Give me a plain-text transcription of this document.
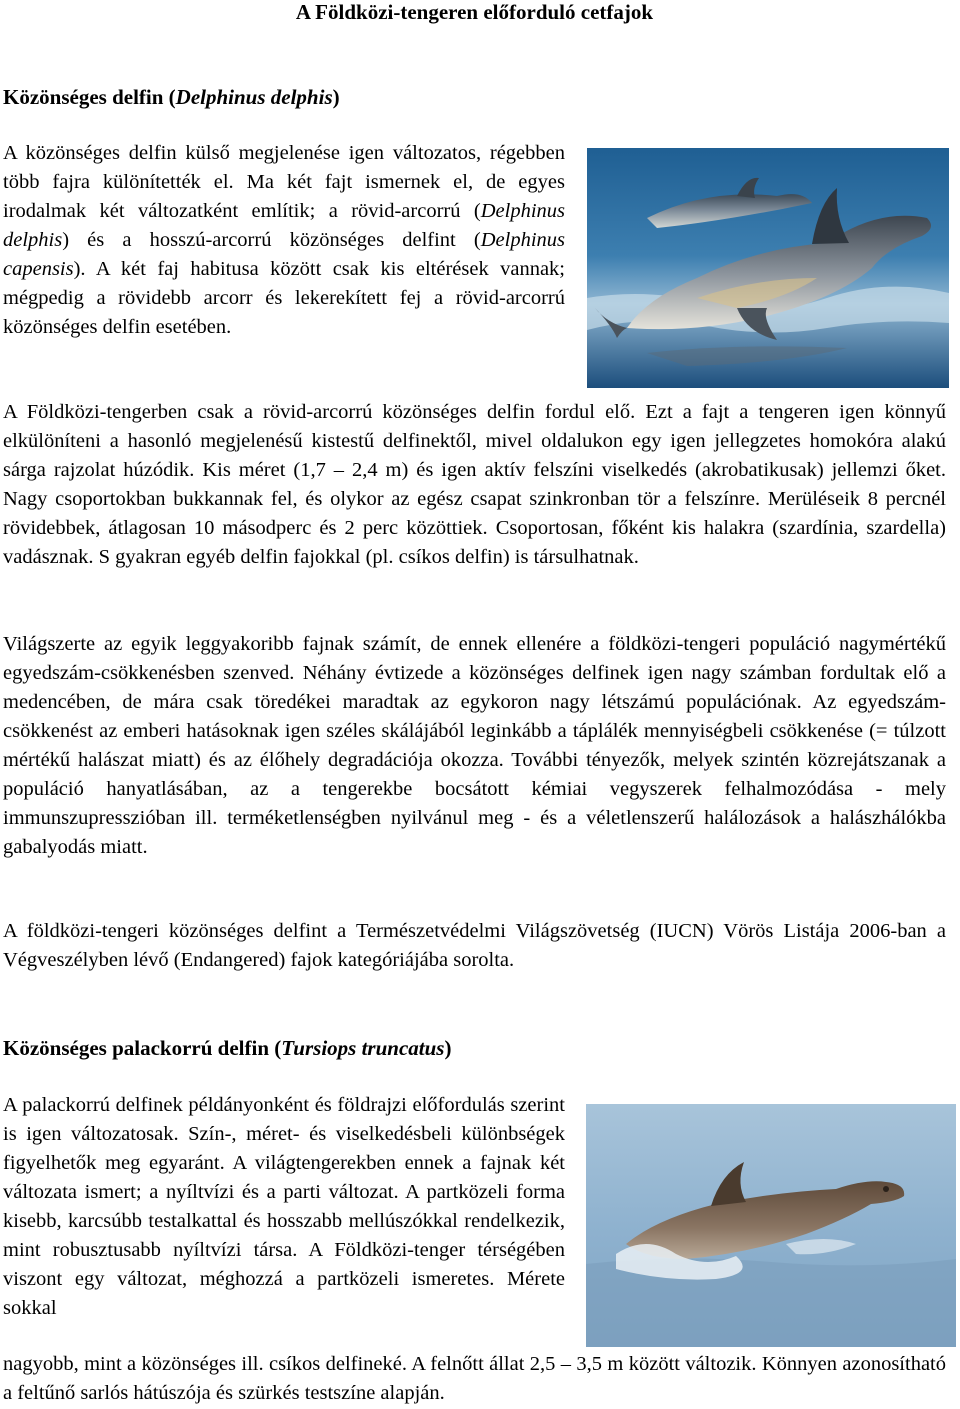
A Földközi-tengeren előforduló cetfajok
Közönséges delfin (Delphinus delphis)

A közönséges delfin külső megjelenése igen változatos, régebben több fajra különítették el. Ma két fajt ismernek el, de egyes irodalmak két változatként említik; a rövid-arcorrú (Delphinus delphis) és a hosszú-arcorrú közönséges delfint (Delphinus capensis). A két faj habitusa között csak kis eltérések vannak; mégpedig a rövidebb arcorr és lekerekített fej a rövid-arcorrú közönséges delfin esetében.

A Földközi-tengerben csak a rövid-arcorrú közönséges delfin fordul elő. Ezt a fajt a tengeren igen könnyű elkülöníteni a hasonló megjelenésű kistestű delfinektől, mivel oldalukon egy igen jellegzetes homokóra alakú sárga rajzolat húzódik. Kis méret (1,7 – 2,4 m) és igen aktív felszíni viselkedés (akrobatikusak) jellemzi őket. Nagy csoportokban bukkannak fel, és olykor az egész csapat szinkronban tör a felszínre. Merüléseik 8 percnél rövidebbek, átlagosan 10 másodperc és 2 perc közöttiek. Csoportosan, főként kis halakra (szardínia, szardella) vadásznak. S gyakran egyéb delfin fajokkal (pl. csíkos delfin) is társulhatnak.

Világszerte az egyik leggyakoribb fajnak számít, de ennek ellenére a földközi-tengeri populáció nagymértékű egyedszám-csökkenésben szenved. Néhány évtizede a közönséges delfinek igen nagy számban fordultak elő a medencében, de mára csak töredékei maradtak az egykoron nagy létszámú populációnak. Az egyedszám-csökkenést az emberi hatásoknak igen széles skálájából leginkább a táplálék mennyiségbeli csökkenése (= túlzott mértékű halászat miatt) és az élőhely degradációja okozza. További tényezők, melyek szintén közrejátszanak a populáció hanyatlásában, az a tengerekbe bocsátott kémiai vegyszerek felhalmozódása - mely immunszupresszióban ill. terméketlenségben nyilvánul meg - és a véletlenszerű halálozások a halászhálókba gabalyodás miatt.

A földközi-tengeri közönséges delfint a Természetvédelmi Világszövetség (IUCN) Vörös Listája 2006-ban a Végveszélyben lévő (Endangered) fajok kategóriájába sorolta.

Közönséges palackorrú delfin (Tursiops truncatus)

A palackorrú delfinek példányonként és földrajzi előfordulás szerint is igen változatosak. Szín-, méret- és viselkedésbeli különbségek figyelhetők meg egyaránt. A világtengerekben ennek a fajnak két változata ismert; a nyíltvízi és a parti változat. A partközeli forma kisebb, karcsúbb testalkattal és hosszabb mellúszókkal rendelkezik, mint robusztusabb nyíltvízi társa. A Földközi-tenger térségében viszont egy változat, méghozzá a partközeli ismeretes. Mérete sokkal

nagyobb, mint a közönséges ill. csíkos delfineké. A felnőtt állat 2,5 – 3,5 m között változik. Könnyen azonosítható a feltűnő sarlós hátúszója és szürkés testszíne alapján.
